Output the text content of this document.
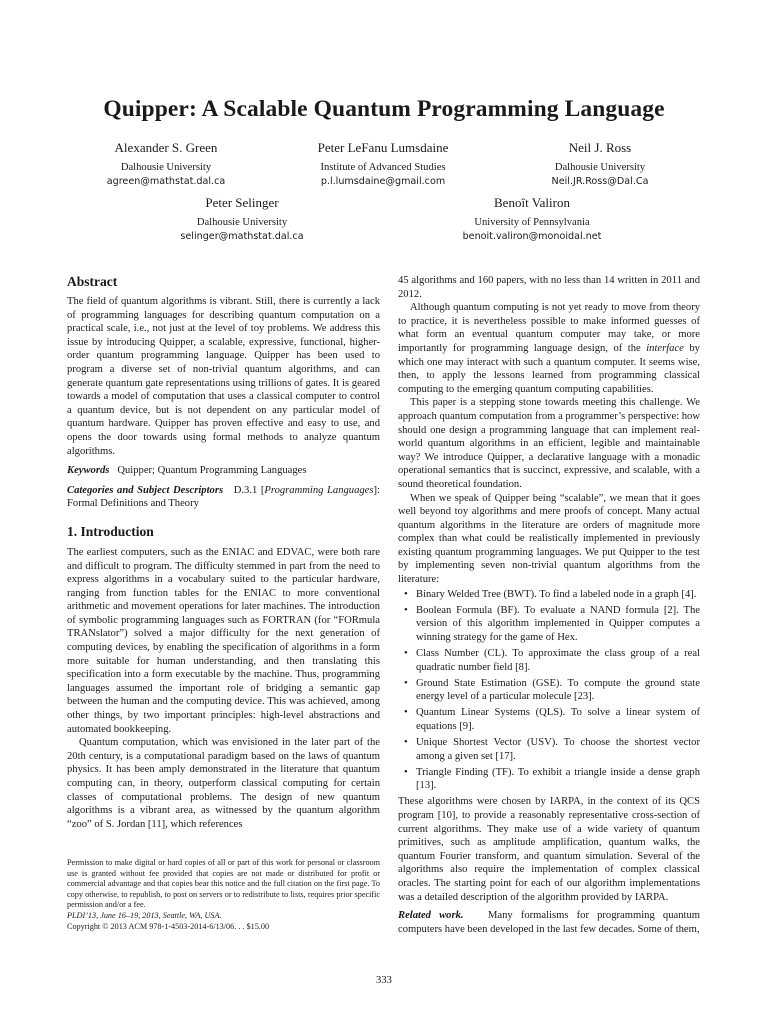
Quipper: A Scalable Quantum Programming Language
Alexander S. Green
Dalhousie University
agreen@mathstat.dal.ca
Peter LeFanu Lumsdaine
Institute of Advanced Studies
p.l.lumsdaine@gmail.com
Neil J. Ross
Dalhousie University
Neil.JR.Ross@Dal.Ca
Peter Selinger
Dalhousie University
selinger@mathstat.dal.ca
Benoît Valiron
University of Pennsylvania
benoit.valiron@monoidal.net
Abstract

The field of quantum algorithms is vibrant. Still, there is currently a lack of programming languages for describing quantum computation on a practical scale, i.e., not just at the level of toy problems. We address this issue by introducing Quipper, a scalable, expressive, functional, higher-order quantum programming language. Quipper has been used to program a diverse set of non-trivial quantum algorithms, and can generate quantum gate representations using trillions of gates. It is geared towards a model of computation that uses a classical computer to control a quantum device, but is not dependent on any particular model of quantum hardware. Quipper has proven effective and easy to use, and opens the door towards using formal methods to analyze quantum algorithms.

Keywords Quipper; Quantum Programming Languages

Categories and Subject Descriptors D.3.1 [Programming Languages]: Formal Definitions and Theory

1. Introduction

The earliest computers, such as the ENIAC and EDVAC, were both rare and difficult to program. The difficulty stemmed in part from the need to express algorithms in a vocabulary suited to the particular hardware, ranging from function tables for the ENIAC to more conventional arithmetic and movement operations for later machines. The introduction of symbolic programming languages such as FORTRAN (for “FORmula TRANslator”) solved a major difficulty for the next generation of computing devices, by enabling the specification of algorithms in a form more suitable for human understanding, and then translating this specification into a form executable by the machine. Thus, programming languages assumed the important role of bridging a semantic gap between the human and the computing device. This was achieved, among other things, by two important principles: high-level abstractions and automated bookkeeping.

Quantum computation, which was envisioned in the later part of the 20th century, is a computational paradigm based on the laws of quantum physics. It has been amply demonstrated in the literature that quantum computing can, in theory, outperform classical computing for certain classes of computational problems. The design of new quantum algorithms is a vibrant area, as witnessed by the quantum algorithm “zoo” of S. Jordan [11], which references

Permission to make digital or hard copies of all or part of this work for personal or classroom use is granted without fee provided that copies are not made or distributed for profit or commercial advantage and that copies bear this notice and the full citation on the first page. To copy otherwise, to republish, to post on servers or to redistribute to lists, requires prior specific permission and/or a fee.

PLDI’13, June 16–19, 2013, Seattle, WA, USA.

Copyright © 2013 ACM 978-1-4503-2014-6/13/06. . . $15.00

45 algorithms and 160 papers, with no less than 14 written in 2011 and 2012.

Although quantum computing is not yet ready to move from theory to practice, it is nevertheless possible to make informed guesses of what form an eventual quantum computer may take, or more importantly for programming language design, of the interface by which one may interact with such a quantum computer. It seems wise, then, to apply the lessons learned from programming classical computing to the emerging quantum computing capabilities.

This paper is a stepping stone towards meeting this challenge. We approach quantum computation from a programmer’s perspective: how should one design a programming language that can implement real-world quantum algorithms in an efficient, legible and maintainable way? We introduce Quipper, a declarative language with a monadic operational semantics that is succinct, expressive, and scalable, with a sound theoretical foundation.

When we speak of Quipper being “scalable”, we mean that it goes well beyond toy algorithms and mere proofs of concept. Many actual quantum algorithms in the literature are orders of magnitude more complex than what could be realistically implemented in previously existing quantum programming languages. We put Quipper to the test by implementing seven non-trivial quantum algorithms from the literature:

• Binary Welded Tree (BWT). To find a labeled node in a graph [4].
• Boolean Formula (BF). To evaluate a NAND formula [2]. The version of this algorithm implemented in Quipper computes a winning strategy for the game of Hex.
• Class Number (CL). To approximate the class group of a real quadratic number field [8].
• Ground State Estimation (GSE). To compute the ground state energy level of a particular molecule [23].
• Quantum Linear Systems (QLS). To solve a linear system of equations [9].
• Unique Shortest Vector (USV). To choose the shortest vector among a given set [17].
• Triangle Finding (TF). To exhibit a triangle inside a dense graph [13].

These algorithms were chosen by IARPA, in the context of its QCS program [10], to provide a reasonably representative cross-section of current algorithms. They make use of a wide variety of quantum primitives, such as amplitude amplification, quantum walks, the quantum Fourier transform, and quantum simulation. Several of the algorithms also require the implementation of complex classical oracles. The starting point for each of our algorithm implementations was a detailed description of the algorithm provided by IARPA.

Related work. Many formalisms for programming quantum computers have been developed in the last few decades. Some of them,

333
